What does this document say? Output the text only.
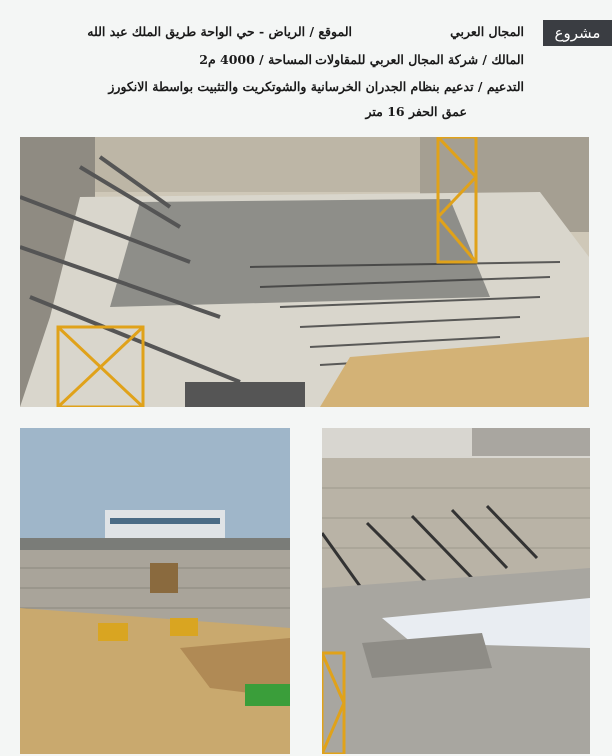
مشروع
المجال العربي
الموقع / الرياض - حي الواحة طريق الملك عبد الله
المالك / شركة المجال العربي للمقاولات
المساحة / 4000 م2
التدعيم / تدعيم بنظام الجدران الخرسانية والشوتكريت والتثبيت بواسطة الانكورز
عمق الحفر 16 متر
